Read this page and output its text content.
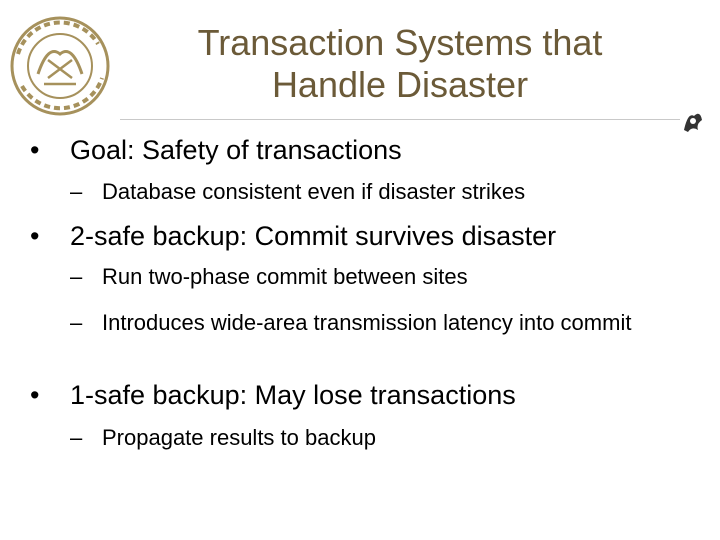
Transaction Systems that
Handle Disaster
• Goal: Safety of transactions
– Database consistent even if disaster strikes
• 2-safe backup: Commit survives disaster
– Run two-phase commit between sites
– Introduces wide-area transmission latency into commit
• 1-safe backup: May lose transactions
– Propagate results to backup
